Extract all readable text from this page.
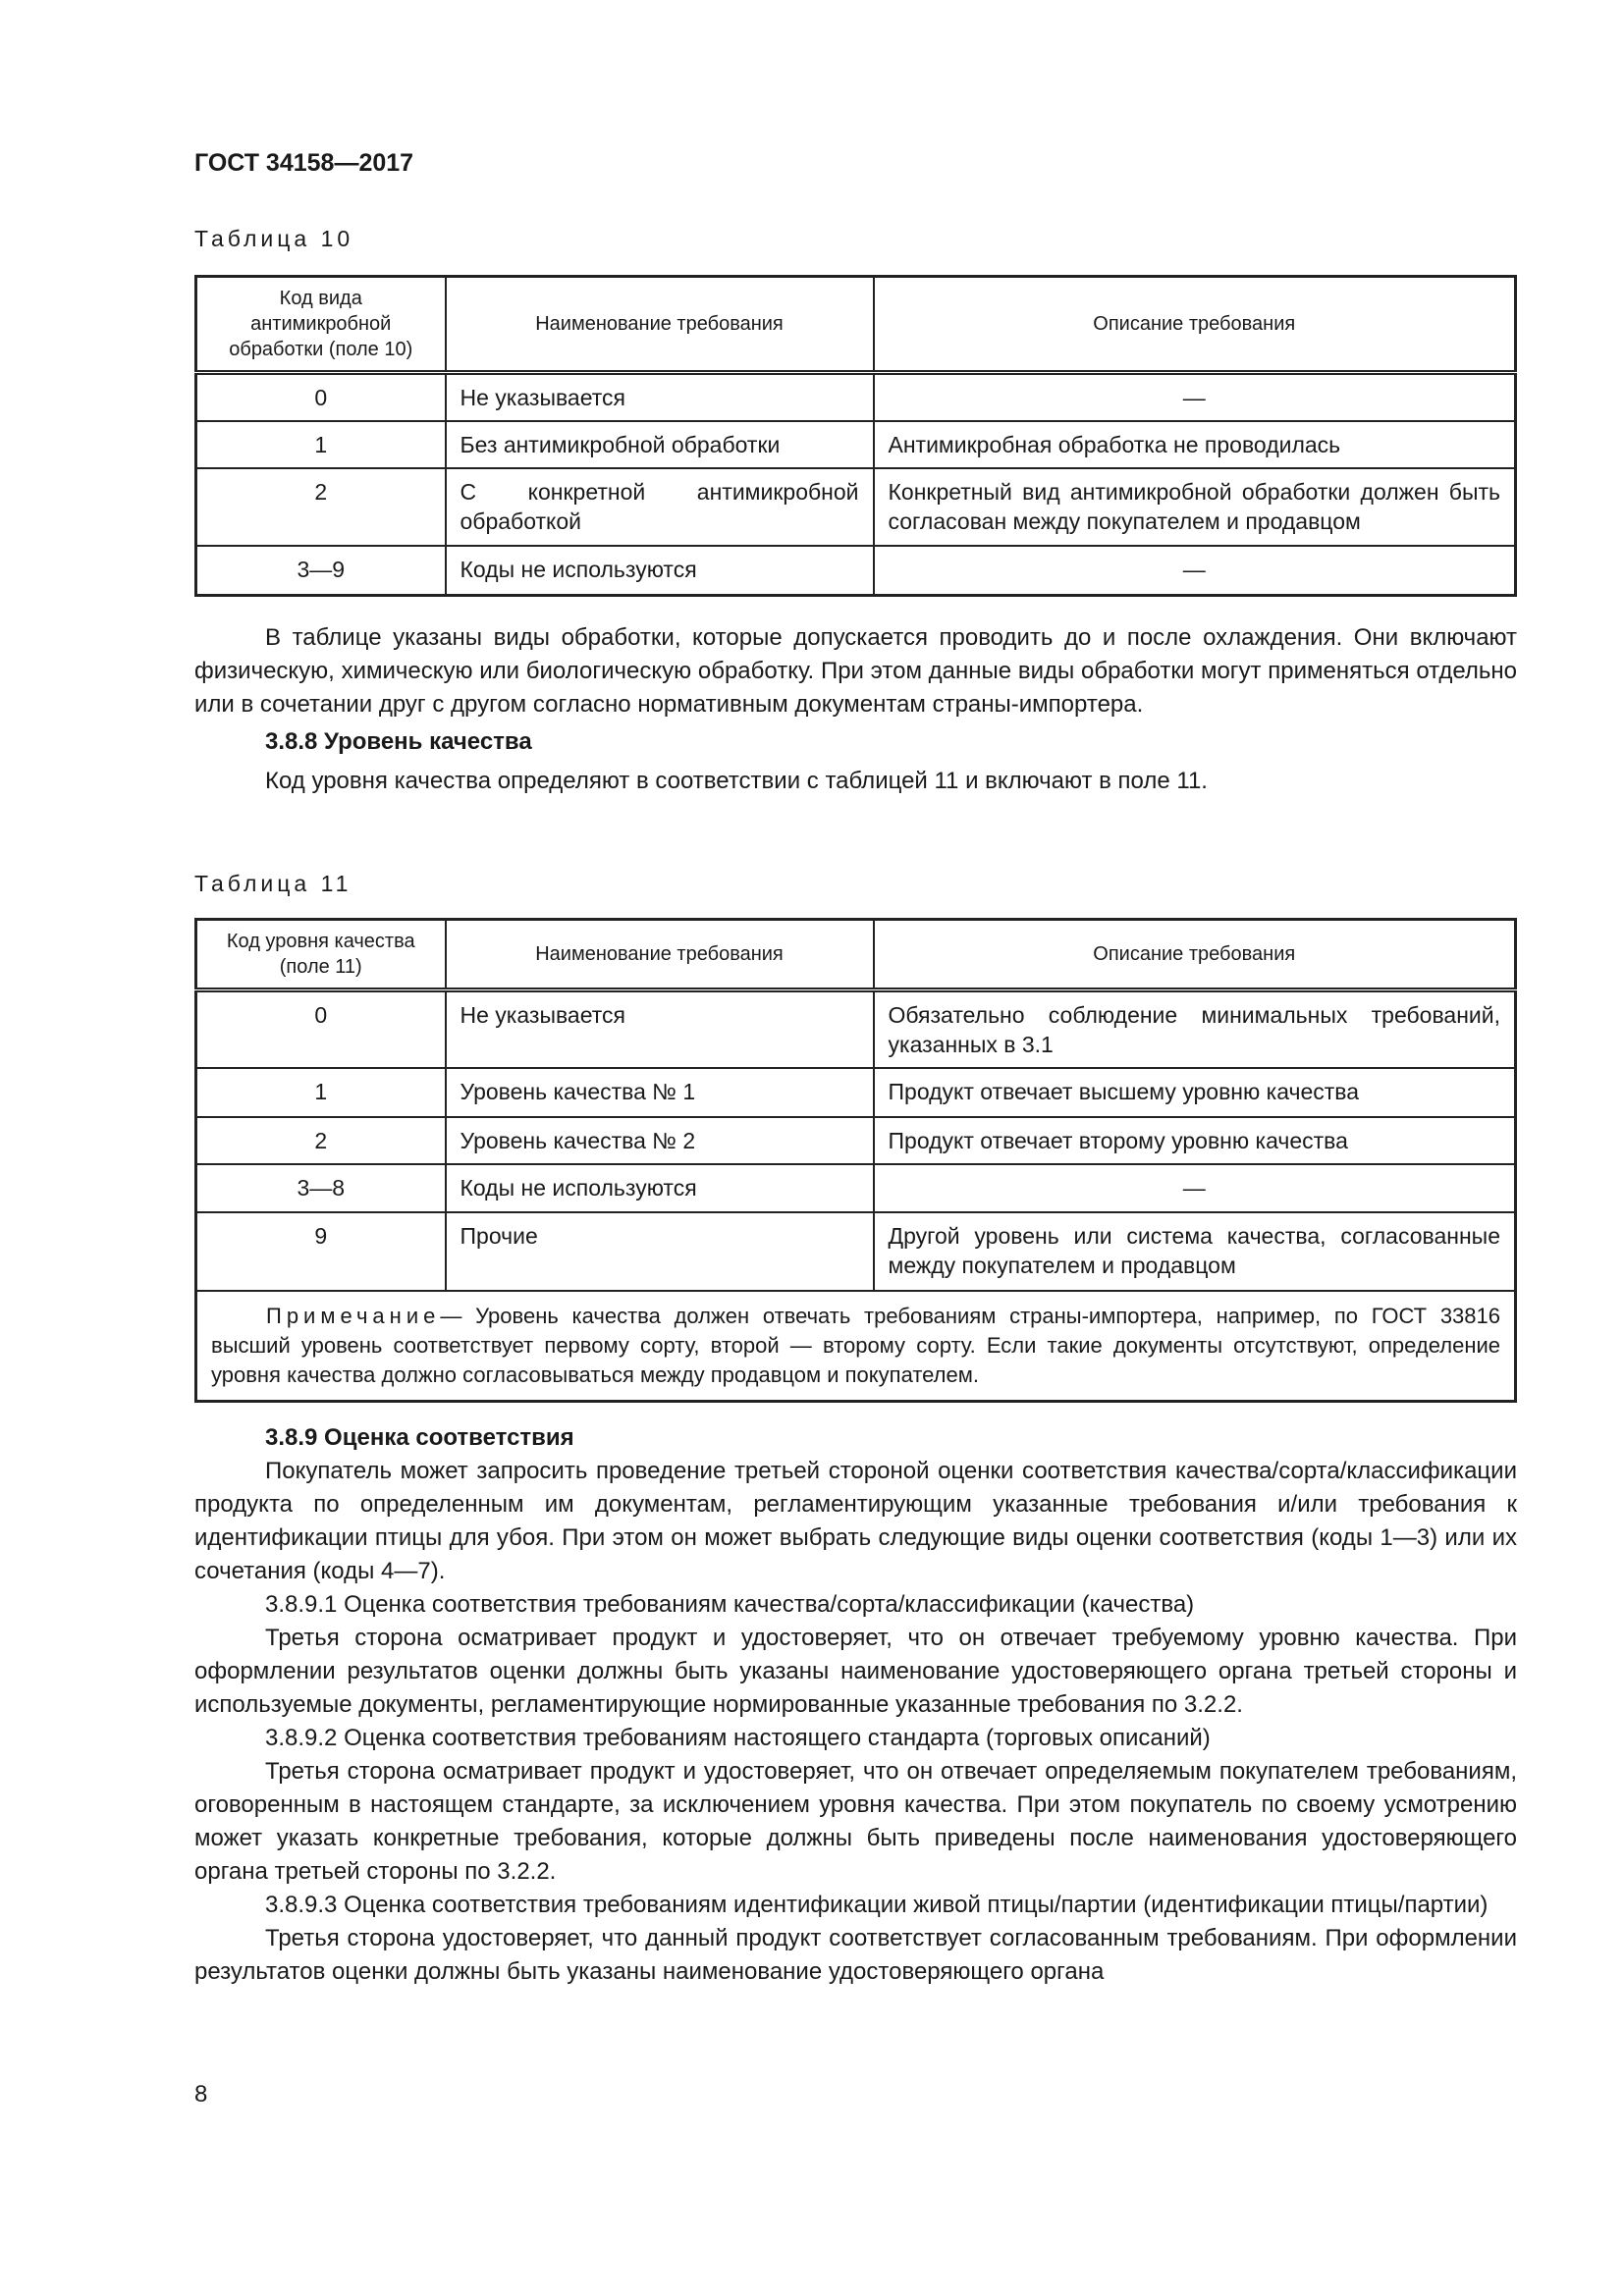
ГОСТ 34158—2017
Таблица 10
Код вида антимикробной обработки (поле 10)	Наименование требования	Описание требования
0	Не указывается	—
1	Без антимикробной обработки	Антимикробная обработка не проводилась
2	С конкретной антимикробной обработкой	Конкретный вид антимикробной обработки должен быть согласован между покупателем и продавцом
3—9	Коды не используются	—

В таблице указаны виды обработки, которые допускается проводить до и после охлаждения. Они включают физическую, химическую или биологическую обработку. При этом данные виды обработки могут применяться отдельно или в сочетании друг с другом согласно нормативным документам страны-импортера.

3.8.8 Уровень качества

Код уровня качества определяют в соответствии с таблицей 11 и включают в поле 11.

Таблица 11
Код уровня качества (поле 11)	Наименование требования	Описание требования
0	Не указывается	Обязательно соблюдение минимальных требований, указанных в 3.1
1	Уровень качества № 1	Продукт отвечает высшему уровню качества
2	Уровень качества № 2	Продукт отвечает второму уровню качества
3—8	Коды не используются	—
9	Прочие	Другой уровень или система качества, согласованные между покупателем и продавцом
Примечание— Уровень качества должен отвечать требованиям страны-импортера, например, по ГОСТ 33816 высший уровень соответствует первому сорту, второй — второму сорту. Если такие документы отсутствуют, определение уровня качества должно согласовываться между продавцом и покупателем.		
3.8.9 Оценка соответствия

Покупатель может запросить проведение третьей стороной оценки соответствия качества/сорта/классификации продукта по определенным им документам, регламентирующим указанные требования и/или требования к идентификации птицы для убоя. При этом он может выбрать следующие виды оценки соответствия (коды 1—3) или их сочетания (коды 4—7).

3.8.9.1 Оценка соответствия требованиям качества/сорта/классификации (качества)

Третья сторона осматривает продукт и удостоверяет, что он отвечает требуемому уровню качества. При оформлении результатов оценки должны быть указаны наименование удостоверяющего органа третьей стороны и используемые документы, регламентирующие нормированные указанные требования по 3.2.2.

3.8.9.2 Оценка соответствия требованиям настоящего стандарта (торговых описаний)

Третья сторона осматривает продукт и удостоверяет, что он отвечает определяемым покупателем требованиям, оговоренным в настоящем стандарте, за исключением уровня качества. При этом покупатель по своему усмотрению может указать конкретные требования, которые должны быть приведены после наименования удостоверяющего органа третьей стороны по 3.2.2.

3.8.9.3 Оценка соответствия требованиям идентификации живой птицы/партии (идентификации птицы/партии)

Третья сторона удостоверяет, что данный продукт соответствует согласованным требованиям. При оформлении результатов оценки должны быть указаны наименование удостоверяющего органа

8
